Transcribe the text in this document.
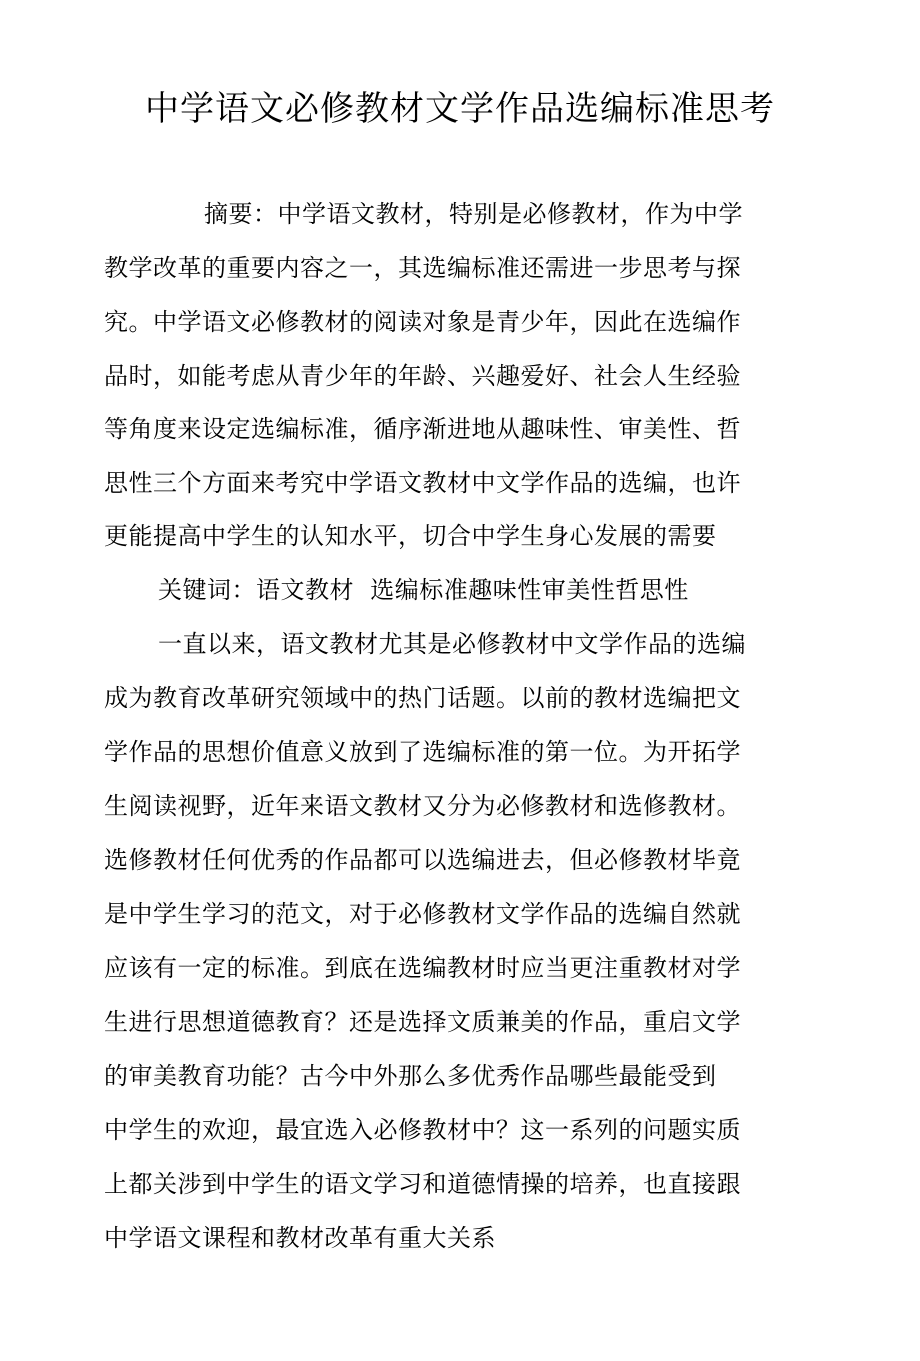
中学语文必修教材文学作品选编标准思考
摘要：中学语文教材，特别是必修教材，作为中学
教学改革的重要内容之一，其选编标准还需进一步思考与探
究。中学语文必修教材的阅读对象是青少年，因此在选编作
品时，如能考虑从青少年的年龄、兴趣爱好、社会人生经验
等角度来设定选编标准，循序渐进地从趣味性、审美性、哲
思性三个方面来考究中学语文教材中文学作品的选编，也许
更能提高中学生的认知水平，切合中学生身心发展的需要
关键词：语文教材  选编标准趣味性审美性哲思性
一直以来，语文教材尤其是必修教材中文学作品的选编
成为教育改革研究领域中的热门话题。以前的教材选编把文
学作品的思想价值意义放到了选编标准的第一位。为开拓学
生阅读视野，近年来语文教材又分为必修教材和选修教材。
选修教材任何优秀的作品都可以选编进去，但必修教材毕竟
是中学生学习的范文，对于必修教材文学作品的选编自然就
应该有一定的标准。到底在选编教材时应当更注重教材对学
生进行思想道德教育？还是选择文质兼美的作品，重启文学
的审美教育功能？古今中外那么多优秀作品哪些最能受到
中学生的欢迎，最宜选入必修教材中？这一系列的问题实质
上都关涉到中学生的语文学习和道德情操的培养，也直接跟
中学语文课程和教材改革有重大关系
